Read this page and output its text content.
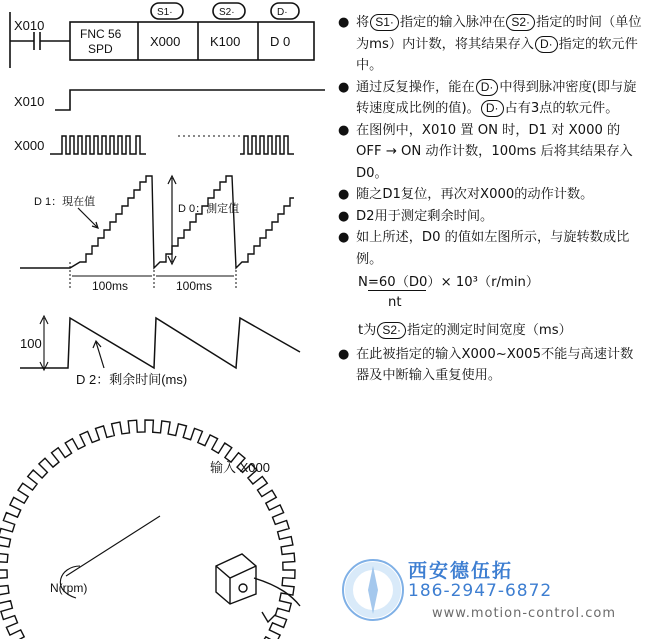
X010
FNC 56
SPD	X000 K100 D 0
S1·	S2·	D·
X010
X000
D 1：現在值
D 0：測定值
100ms	100ms
100
D 2：剩余时间(ms)
N(rpm)
输入 X000
● 将 S1· 指定的输入脉冲在 S2· 指定的时间（单位为ms）内计数，将其结果存入 D· 指定的软元件中。
● 通过反复操作，能在 D· 中得到脉冲密度(即与旋转速度成比例的值)。 D· 占有3点的软元件。
● 在图例中，X010 置 ON 时，D1 对 X000 的 OFF → ON 动作计数，100ms 后将其结果存入 D0。
● 随之D1复位，再次对X000的动作计数。
● D2用于测定剩余时间。
● 如上所述，D0 的值如左图所示，与旋转数成比例。
N=60（D0）× 10³（r/min）
nt
t为 S2· 指定的测定时间宽度（ms）
● 在此被指定的输入X000~X005不能与高速计数器及中断输入重复使用。
西安德伍拓
186-2947-6872
www.motion-control.com
